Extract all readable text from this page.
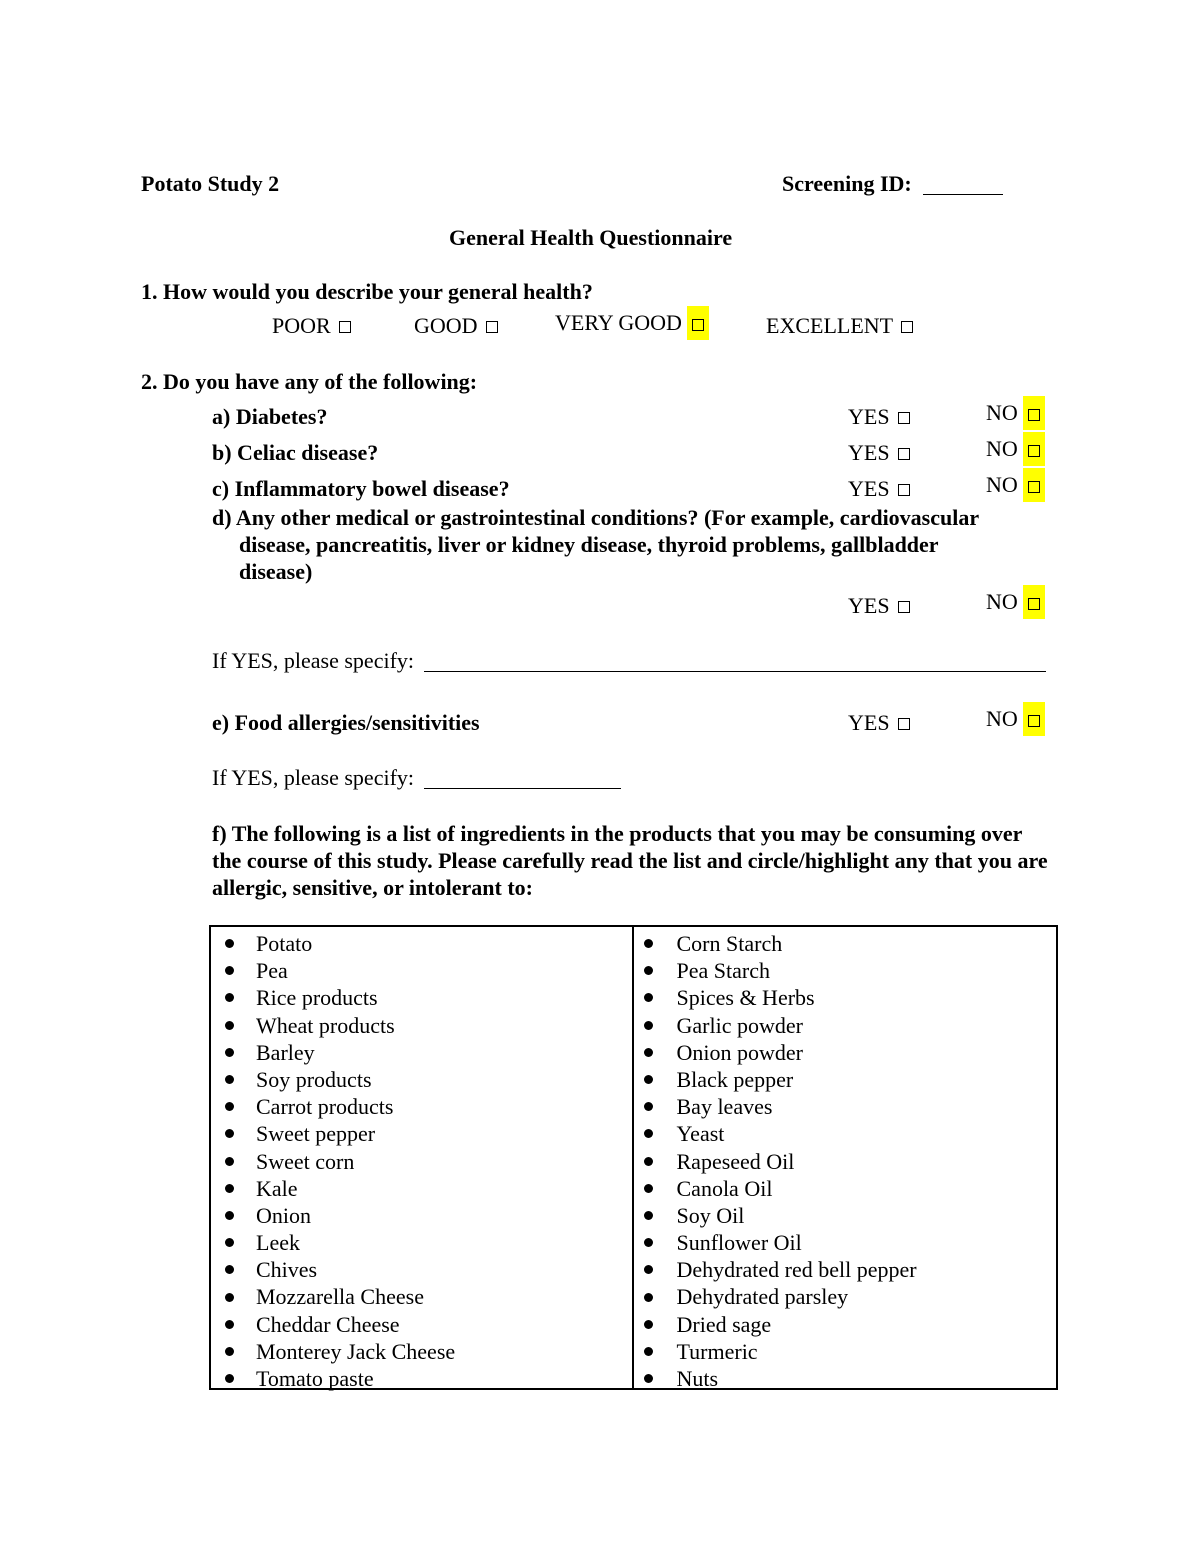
Potato Study 2	Screening ID:
General Health Questionnaire
1. How would you describe your general health?
POOR	GOOD	VERY GOOD	EXCELLENT
2. Do you have any of the following:
a) Diabetes?	YES	NO
b) Celiac disease?	YES	NO
c) Inflammatory bowel disease?	YES	NO
d) Any other medical or gastrointestinal conditions? (For example, cardiovascular
disease, pancreatitis, liver or kidney disease, thyroid problems, gallbladder
disease)
YES	NO
If YES, please specify:
e) Food allergies/sensitivities	YES	NO
If YES, please specify:
f) The following is a list of ingredients in the products that you may be consuming over the course of this study. Please carefully read the list and circle/highlight any that you are allergic, sensitive, or intolerant to:
Potato
Pea
Rice products
Wheat products
Barley
Soy products
Carrot products
Sweet pepper
Sweet corn
Kale
Onion
Leek
Chives
Mozzarella Cheese
Cheddar Cheese
Monterey Jack Cheese
Tomato paste
Corn Starch
Pea Starch
Spices & Herbs
Garlic powder
Onion powder
Black pepper
Bay leaves
Yeast
Rapeseed Oil
Canola Oil
Soy Oil
Sunflower Oil
Dehydrated red bell pepper
Dehydrated parsley
Dried sage
Turmeric
Nuts
